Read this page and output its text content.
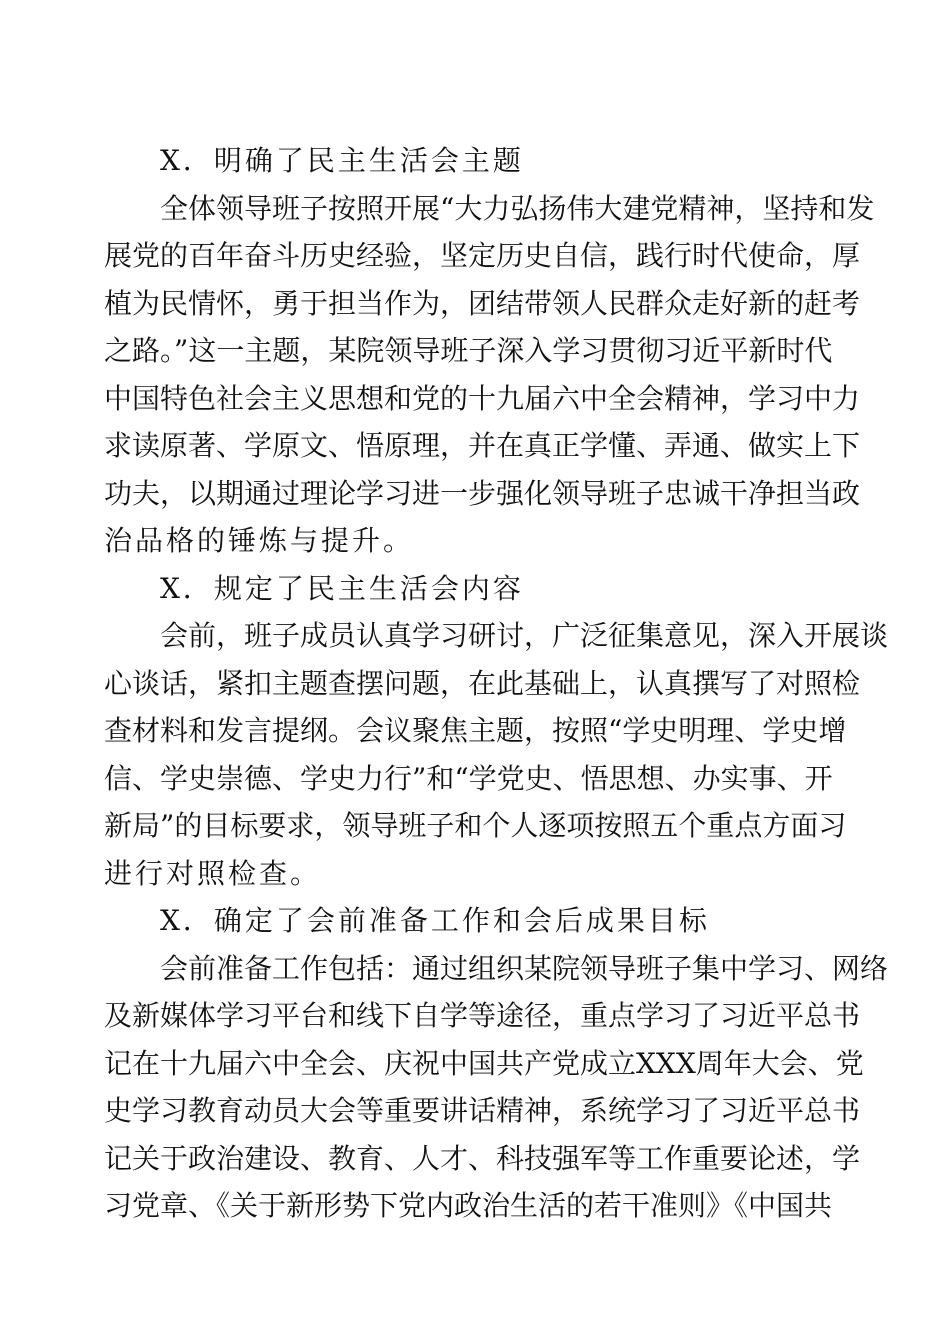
X．明确了民主生活会主题
全体领导班子按照开展“大力弘扬伟大建党精神，坚持和发
展党的百年奋斗历史经验，坚定历史自信，践行时代使命，厚
植为民情怀，勇于担当作为，团结带领人民群众走好新的赶考
之路。”这一主题，某院领导班子深入学习贯彻习近平新时代
中国特色社会主义思想和党的十九届六中全会精神，学习中力
求读原著、学原文、悟原理，并在真正学懂、弄通、做实上下
功夫，以期通过理论学习进一步强化领导班子忠诚干净担当政
治品格的锤炼与提升。
X．规定了民主生活会内容
会前，班子成员认真学习研讨，广泛征集意见，深入开展谈
心谈话，紧扣主题查摆问题，在此基础上，认真撰写了对照检
查材料和发言提纲。会议聚焦主题，按照“学史明理、学史增
信、学史崇德、学史力行”和“学党史、悟思想、办实事、开
新局”的目标要求，领导班子和个人逐项按照五个重点方面习
进行对照检查。
X．确定了会前准备工作和会后成果目标
会前准备工作包括：通过组织某院领导班子集中学习、网络
及新媒体学习平台和线下自学等途径，重点学习了习近平总书
记在十九届六中全会、庆祝中国共产党成立XXX周年大会、党
史学习教育动员大会等重要讲话精神，系统学习了习近平总书
记关于政治建设、教育、人才、科技强军等工作重要论述，学
习党章、《关于新形势下党内政治生活的若干准则》《中国共
